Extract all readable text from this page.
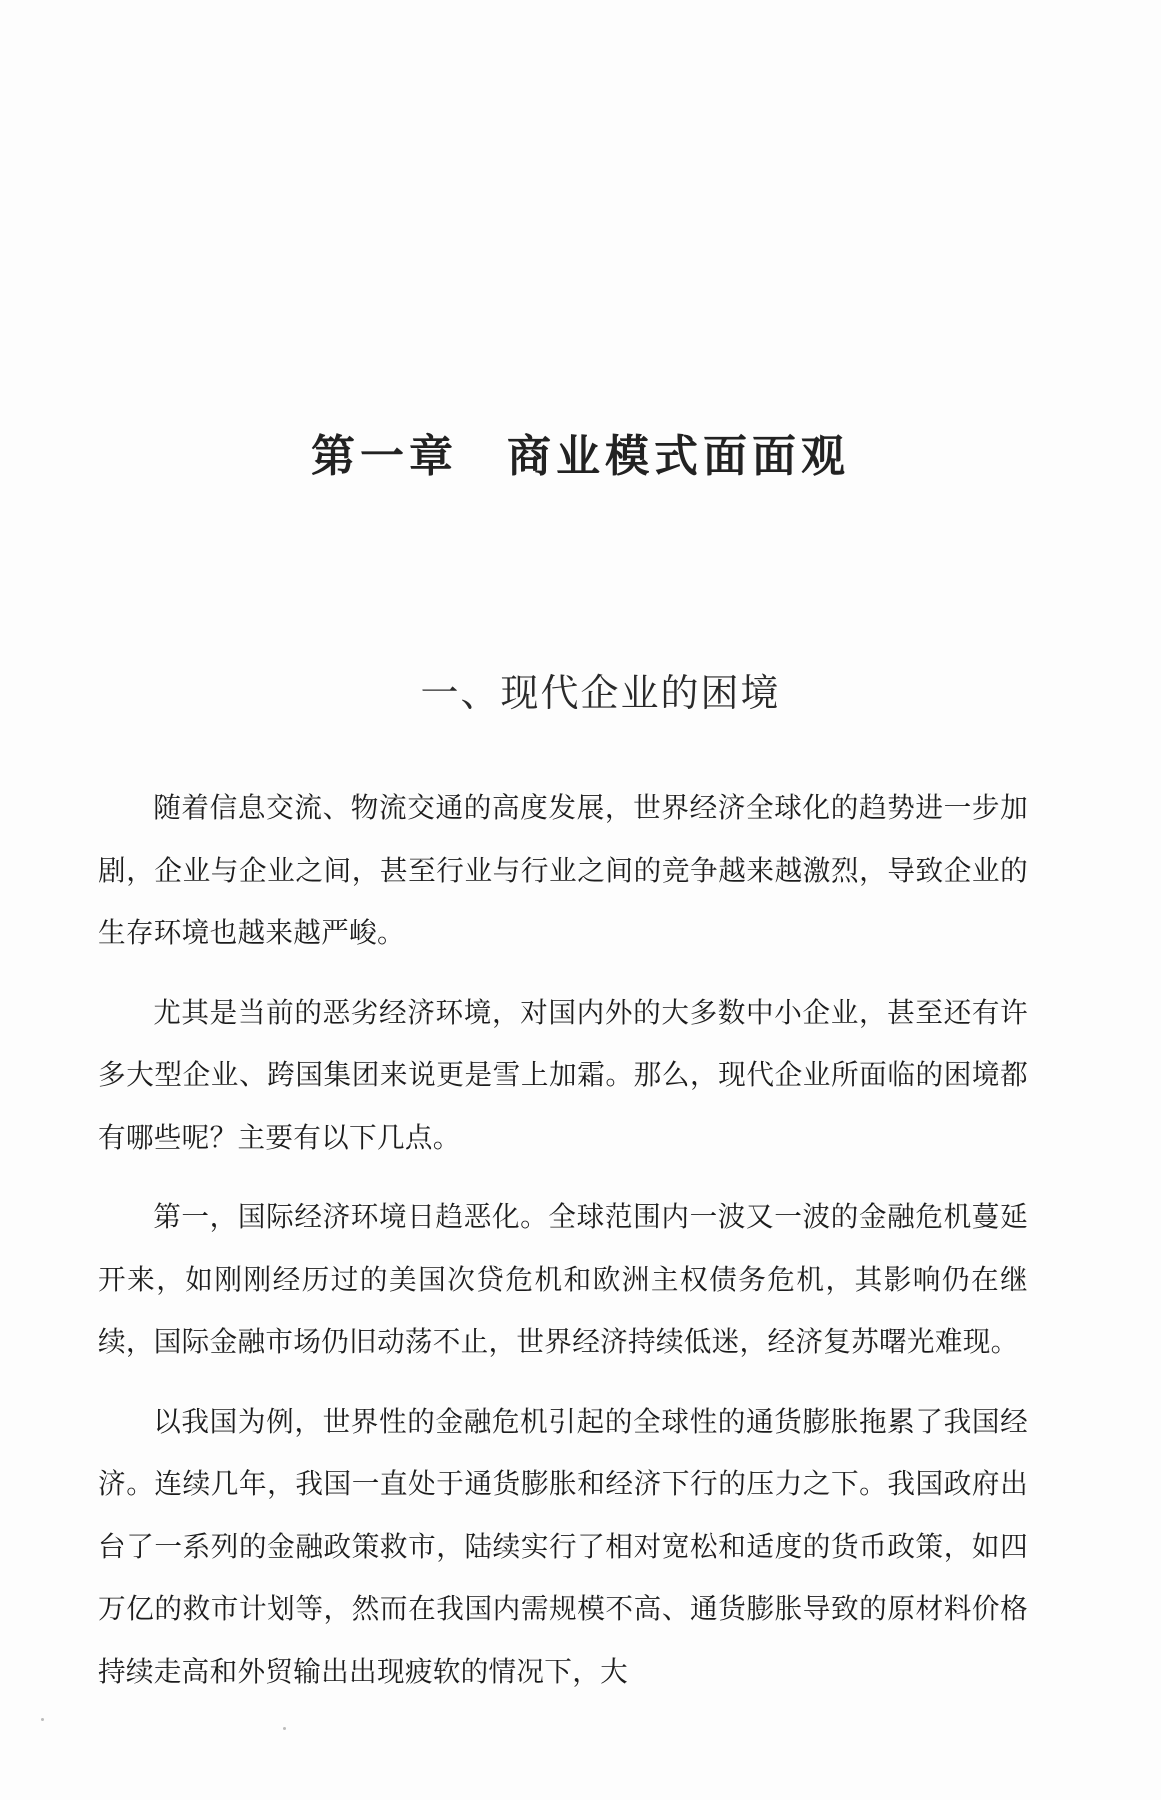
第一章　商业模式面面观
一、现代企业的困境

随着信息交流、物流交通的高度发展，世界经济全球化的趋势进一步加剧，企业与企业之间，甚至行业与行业之间的竞争越来越激烈，导致企业的生存环境也越来越严峻。

尤其是当前的恶劣经济环境，对国内外的大多数中小企业，甚至还有许多大型企业、跨国集团来说更是雪上加霜。那么，现代企业所面临的困境都有哪些呢？主要有以下几点。

第一，国际经济环境日趋恶化。全球范围内一波又一波的金融危机蔓延开来，如刚刚经历过的美国次贷危机和欧洲主权债务危机，其影响仍在继续，国际金融市场仍旧动荡不止，世界经济持续低迷，经济复苏曙光难现。

以我国为例，世界性的金融危机引起的全球性的通货膨胀拖累了我国经济。连续几年，我国一直处于通货膨胀和经济下行的压力之下。我国政府出台了一系列的金融政策救市，陆续实行了相对宽松和适度的货币政策，如四万亿的救市计划等，然而在我国内需规模不高、通货膨胀导致的原材料价格持续走高和外贸输出出现疲软的情况下，大
